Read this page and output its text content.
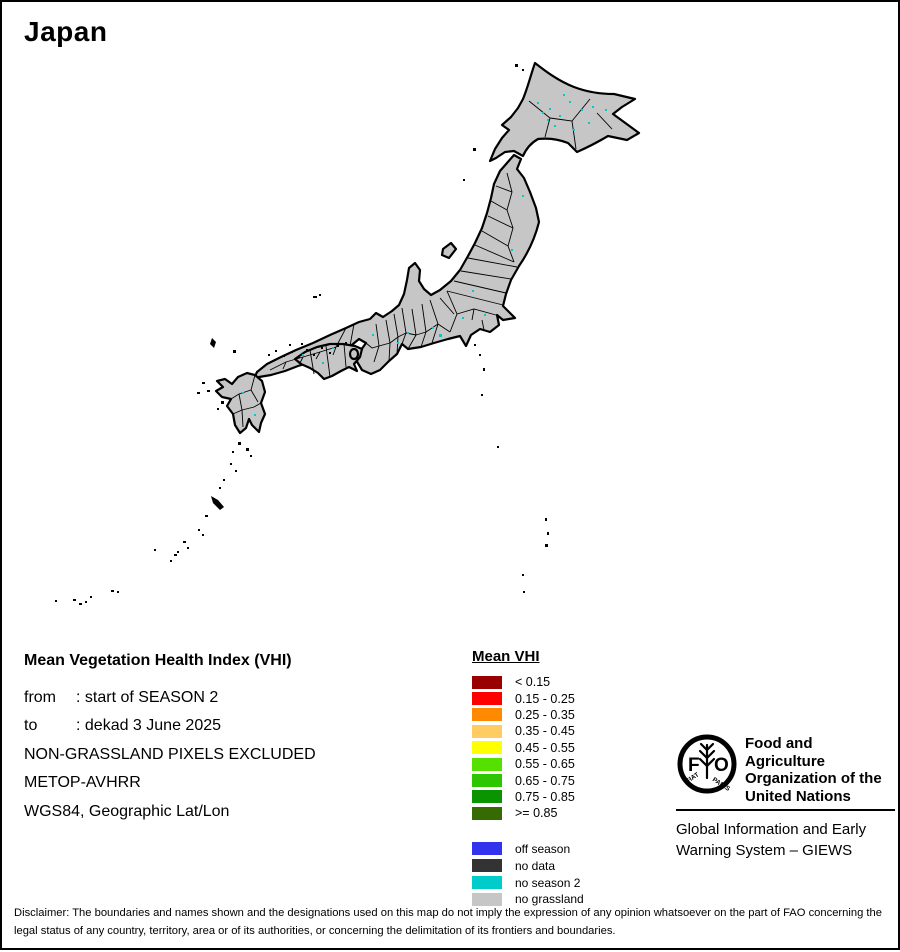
Japan
Mean Vegetation Health Index (VHI)
from	: start of SEASON 2
to	: dekad 3 June 2025
NON-GRASSLAND PIXELS EXCLUDED
METOP-AVHRR
WGS84, Geographic Lat/Lon
Mean VHI
< 0.15
0.15 - 0.25
0.25 - 0.35
0.35 - 0.45
0.45 - 0.55
0.55 - 0.65
0.65 - 0.75
0.75 - 0.85
>= 0.85
off season
no data
no season 2
no grassland
F O
FIAT PANIS
Food and Agriculture
Organization of the
United Nations
Global Information and Early
Warning System – GIEWS
Disclaimer: The boundaries and names shown and the designations used on this map do not imply the expression of any opinion whatsoever on the part of FAO concerning the legal status of any country, territory, area or of its authorities, or concerning the delimitation of its frontiers and boundaries.
